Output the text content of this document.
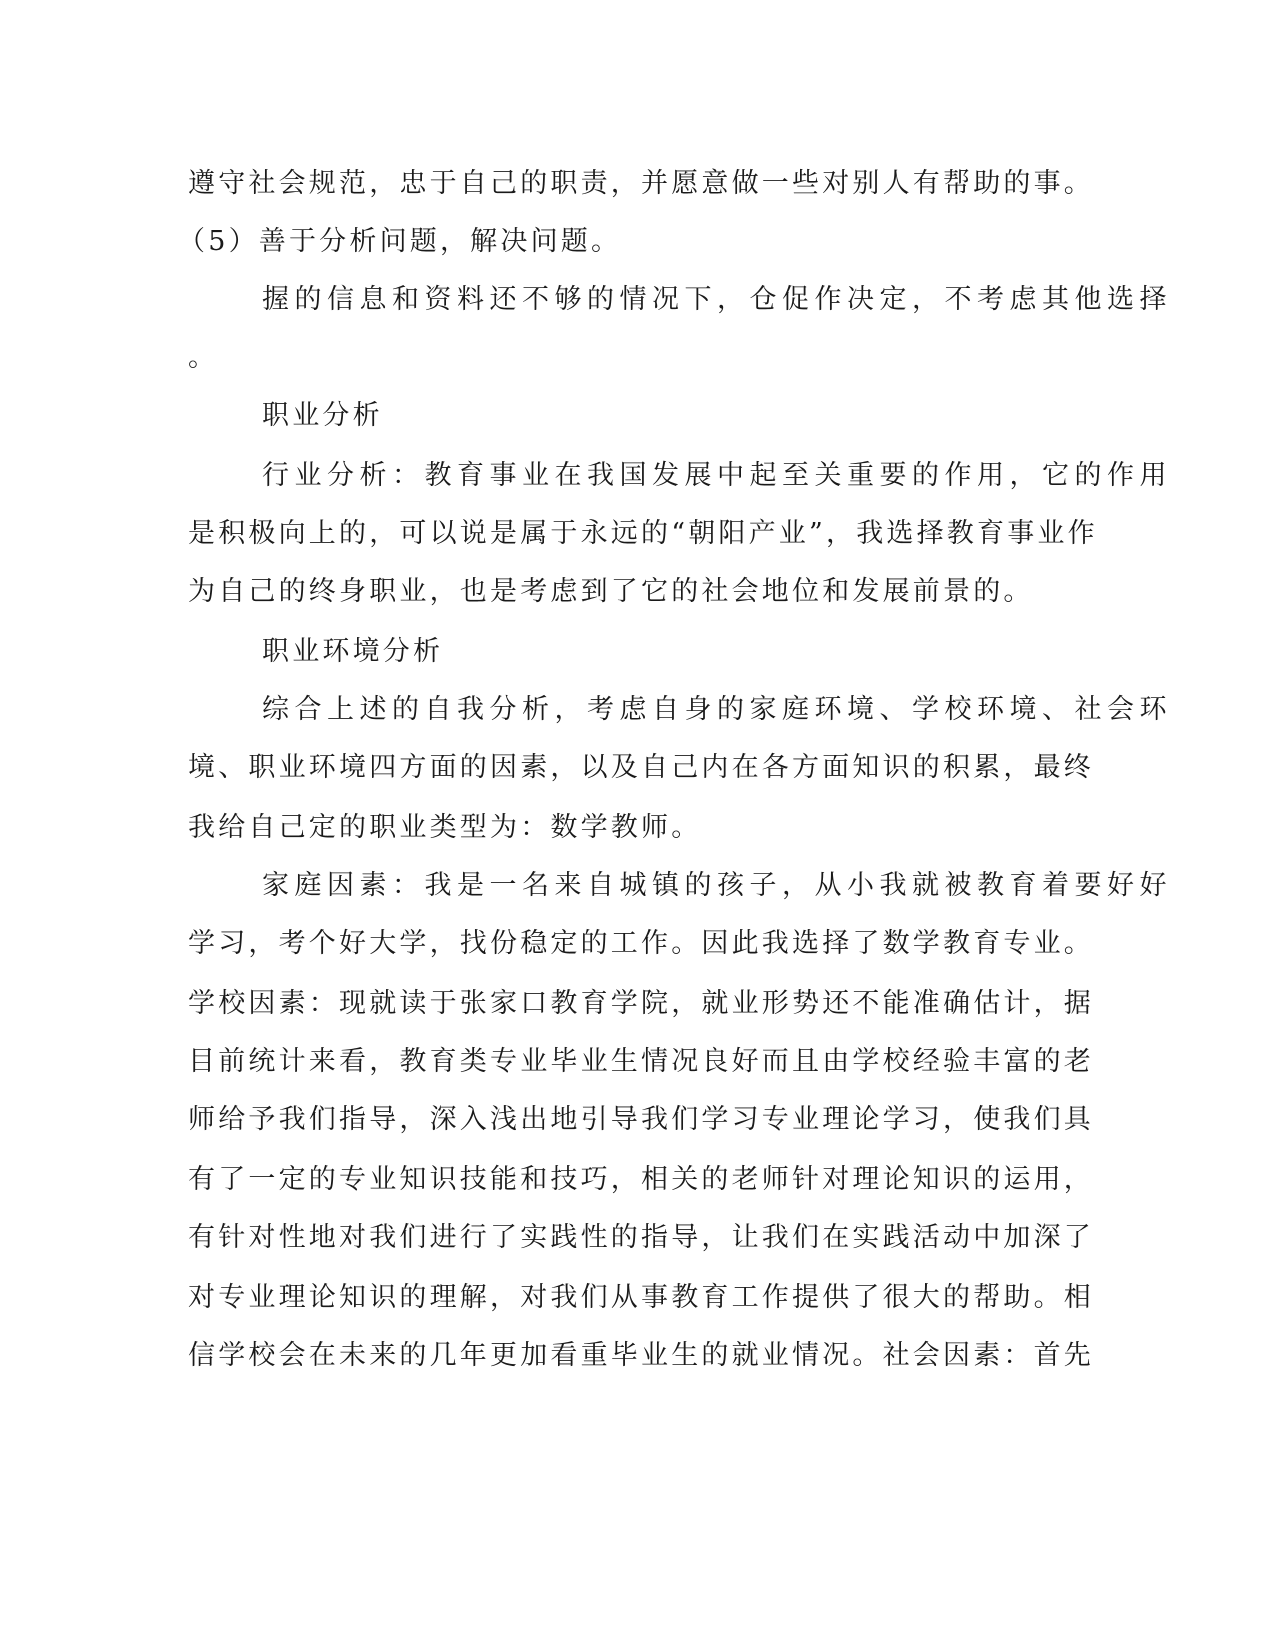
遵守社会规范，忠于自己的职责，并愿意做一些对别人有帮助的事。
（5）善于分析问题，解决问题。
握的信息和资料还不够的情况下，仓促作决定，不考虑其他选择
。
职业分析
行业分析：教育事业在我国发展中起至关重要的作用，它的作用
是积极向上的，可以说是属于永远的“朝阳产业”，我选择教育事业作
为自己的终身职业，也是考虑到了它的社会地位和发展前景的。
职业环境分析
综合上述的自我分析，考虑自身的家庭环境、学校环境、社会环
境、职业环境四方面的因素，以及自己内在各方面知识的积累，最终
我给自己定的职业类型为：数学教师。
家庭因素：我是一名来自城镇的孩子，从小我就被教育着要好好
学习，考个好大学，找份稳定的工作。因此我选择了数学教育专业。
学校因素：现就读于张家口教育学院，就业形势还不能准确估计，据
目前统计来看，教育类专业毕业生情况良好而且由学校经验丰富的老
师给予我们指导，深入浅出地引导我们学习专业理论学习，使我们具
有了一定的专业知识技能和技巧，相关的老师针对理论知识的运用，
有针对性地对我们进行了实践性的指导，让我们在实践活动中加深了
对专业理论知识的理解，对我们从事教育工作提供了很大的帮助。相
信学校会在未来的几年更加看重毕业生的就业情况。社会因素：首先
